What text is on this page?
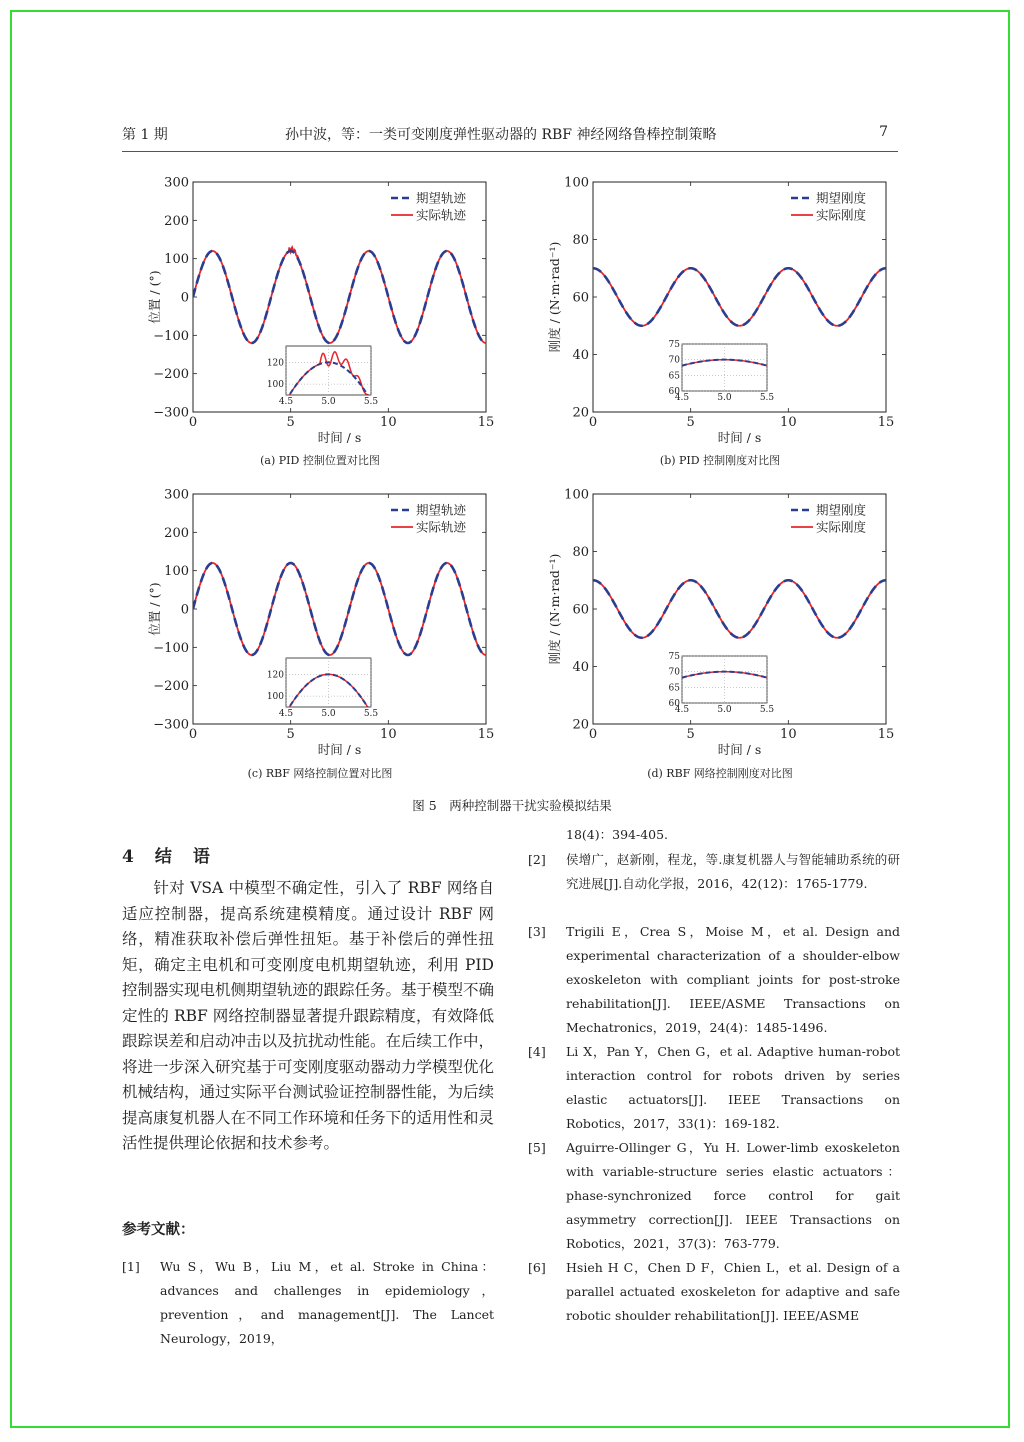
第 1 期	孙中波，等：一类可变刚度弹性驱动器的 RBF 神经网络鲁棒控制策略	7
0	5	10	15
300
200
100
0
−100
−200
−300
时间 / s
位置 / (°)
期望轨迹
实际轨迹
4.5	5.0	5.5
120
100
0	5	10	15
100
80
60
40
20
时间 / s
刚度 / (N·m·rad⁻¹)
期望刚度
实际刚度
4.5	5.0	5.5
75
70
65
60
0	5	10	15
300
200
100
0
−100
−200
−300
时间 / s
位置 / (°)
期望轨迹
实际轨迹
4.5	5.0	5.5
120
100
0	5	10	15
100
80
60
40
20
时间 / s
刚度 / (N·m·rad⁻¹)
期望刚度
实际刚度
4.5	5.0	5.5
75
70
65
60
(a) PID 控制位置对比图	(b) PID 控制刚度对比图
(c) RBF 网络控制位置对比图	(d) RBF 网络控制刚度对比图
图 5　两种控制器干扰实验模拟结果
4　结　语
针对 VSA 中模型不确定性，引入了 RBF 网络自适应控制器，提高系统建模精度。通过设计 RBF 网络，精准获取补偿后弹性扭矩。基于补偿后的弹性扭矩，确定主电机和可变刚度电机期望轨迹，利用 PID 控制器实现电机侧期望轨迹的跟踪任务。基于模型不确定性的 RBF 网络控制器显著提升跟踪精度，有效降低跟踪误差和启动冲击以及抗扰动性能。在后续工作中，将进一步深入研究基于可变刚度驱动器动力学模型优化机械结构，通过实际平台测试验证控制器性能，为后续提高康复机器人在不同工作环境和任务下的适用性和灵活性提供理论依据和技术参考。
参考文献：
[1] Wu S，Wu B，Liu M，et al. Stroke in China：advances and challenges in epidemiology，prevention，and management[J]. The Lancet Neurology，2019，
18(4)：394-405.
[2] 侯增广，赵新刚，程龙，等.康复机器人与智能辅助系统的研究进展[J].自动化学报，2016，42(12)：1765-1779.
[3] Trigili E，Crea S，Moise M，et al. Design and experimental characterization of a shoulder-elbow exoskeleton with compliant joints for post-stroke rehabilitation[J]. IEEE/ASME Transactions on Mechatronics，2019，24(4)：1485-1496.
[4] Li X，Pan Y，Chen G，et al. Adaptive human-robot interaction control for robots driven by series elastic actuators[J]. IEEE Transactions on Robotics，2017，33(1)：169-182.
[5] Aguirre-Ollinger G，Yu H. Lower-limb exoskeleton with variable-structure series elastic actuators：phase-synchronized force control for gait asymmetry correction[J]. IEEE Transactions on Robotics，2021，37(3)：763-779.
[6] Hsieh H C，Chen D F，Chien L，et al. Design of a parallel actuated exoskeleton for adaptive and safe robotic shoulder rehabilitation[J]. IEEE/ASME
